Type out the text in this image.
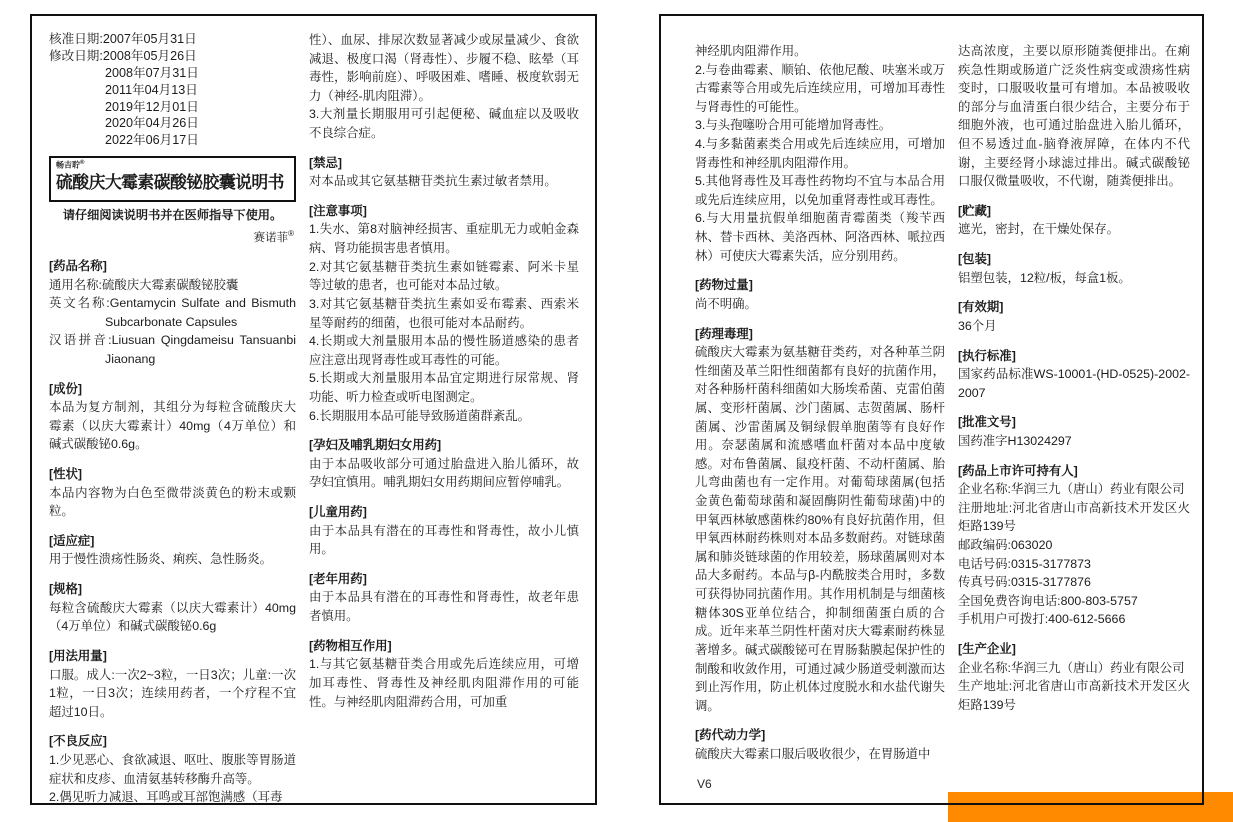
核准日期:2007年05月31日
修改日期:2008年05月26日
2008年07月31日
2011年04月13日
2019年12月01日
2020年04月26日
2022年06月17日
畅吉聍®
硫酸庆大霉素碳酸铋胶囊说明书
请仔细阅读说明书并在医师指导下使用。
赛诺菲®
[药品名称]

通用名称:硫酸庆大霉素碳酸铋胶囊

英文名称:Gentamycin Sulfate and Bismuth Subcarbonate Capsules

汉语拼音:Liusuan Qingdameisu Tansuanbi Jiaonang

[成份]

本品为复方制剂，其组分为每粒含硫酸庆大霉素（以庆大霉素计）40mg（4万单位）和碱式碳酸铋0.6g。

[性状]

本品内容物为白色至微带淡黄色的粉末或颗粒。

[适应症]

用于慢性溃疡性肠炎、痢疾、急性肠炎。

[规格]

每粒含硫酸庆大霉素（以庆大霉素计）40mg（4万单位）和碱式碳酸铋0.6g

[用法用量]

口服。成人:一次2~3粒，一日3次；儿童:一次1粒，一日3次；连续用药者，一个疗程不宜超过10日。

[不良反应]

1.少见恶心、食欲减退、呕吐、腹胀等胃肠道症状和皮疹、血清氨基转移酶升高等。

2.偶见听力减退、耳鸣或耳部饱满感（耳毒

性）、血尿、排尿次数显著减少或尿量减少、食欲减退、极度口渴（肾毒性）、步履不稳、眩晕（耳毒性，影响前庭）、呼吸困难、嗜睡、极度软弱无力（神经-肌肉阻滞）。

3.大剂量长期服用可引起便秘、碱血症以及吸收不良综合症。

[禁忌]

对本品或其它氨基糖苷类抗生素过敏者禁用。

[注意事项]

1.失水、第8对脑神经损害、重症肌无力或帕金森病、肾功能损害患者慎用。

2.对其它氨基糖苷类抗生素如链霉素、阿米卡星等过敏的患者，也可能对本品过敏。

3.对其它氨基糖苷类抗生素如妥布霉素、西索米星等耐药的细菌，也很可能对本品耐药。

4.长期或大剂量服用本品的慢性肠道感染的患者应注意出现肾毒性或耳毒性的可能。

5.长期或大剂量服用本品宜定期进行尿常规、肾功能、听力检查或听电图测定。

6.长期服用本品可能导致肠道菌群紊乱。

[孕妇及哺乳期妇女用药]

由于本品吸收部分可通过胎盘进入胎儿循环，故孕妇宜慎用。哺乳期妇女用药期间应暂停哺乳。

[儿童用药]

由于本品具有潜在的耳毒性和肾毒性，故小儿慎用。

[老年用药]

由于本品具有潜在的耳毒性和肾毒性，故老年患者慎用。

[药物相互作用]

1.与其它氨基糖苷类合用或先后连续应用，可增加耳毒性、肾毒性及神经肌肉阻滞作用的可能性。与神经肌肉阻滞药合用，可加重

神经肌肉阻滞作用。

2.与卷曲霉素、顺铂、依他尼酸、呋塞米或万古霉素等合用或先后连续应用，可增加耳毒性与肾毒性的可能性。

3.与头孢噻吩合用可能增加肾毒性。

4.与多黏菌素类合用或先后连续应用，可增加肾毒性和神经肌肉阻滞作用。

5.其他肾毒性及耳毒性药物均不宜与本品合用或先后连续应用，以免加重肾毒性或耳毒性。

6.与大用量抗假单细胞菌青霉菌类（羧苄西林、替卡西林、美洛西林、阿洛西林、哌拉西林）可使庆大霉素失活，应分别用药。

[药物过量]

尚不明确。

[药理毒理]

硫酸庆大霉素为氨基糖苷类药，对各种革兰阴性细菌及革兰阳性细菌都有良好的抗菌作用，对各种肠杆菌科细菌如大肠埃希菌、克雷伯菌属、变形杆菌属、沙门菌属、志贺菌属、肠杆菌属、沙雷菌属及铜绿假单胞菌等有良好作用。奈瑟菌属和流感嗜血杆菌对本品中度敏感。对布鲁菌属、鼠疫杆菌、不动杆菌属、胎儿弯曲菌也有一定作用。对葡萄球菌属(包括金黄色葡萄球菌和凝固酶阴性葡萄球菌)中的甲氧西林敏感菌株约80%有良好抗菌作用，但甲氧西林耐药株则对本品多数耐药。对链球菌属和肺炎链球菌的作用较差，肠球菌属则对本品大多耐药。本品与β-内酰胺类合用时，多数可获得协同抗菌作用。其作用机制是与细菌核糖体30S亚单位结合，抑制细菌蛋白质的合成。近年来革兰阴性杆菌对庆大霉素耐药株显著增多。碱式碳酸铋可在胃肠黏膜起保护性的制酸和收敛作用，可通过减少肠道受刺激而达到止泻作用，防止机体过度脱水和水盐代谢失调。

[药代动力学]

硫酸庆大霉素口服后吸收很少，在胃肠道中

达高浓度，主要以原形随粪便排出。在痢疾急性期或肠道广泛炎性病变或溃疡性病变时，口服吸收量可有增加。本品被吸收的部分与血清蛋白很少结合，主要分布于细胞外液，也可通过胎盘进入胎儿循环，但不易透过血-脑脊液屏障，在体内不代谢，主要经肾小球滤过排出。碱式碳酸铋口服仅微量吸收，不代谢，随粪便排出。

[贮藏]

遮光，密封，在干燥处保存。

[包装]

铝塑包装，12粒/板，每盒1板。

[有效期]

36个月

[执行标准]

国家药品标准WS-10001-(HD-0525)-2002-2007

[批准文号]

国药准字H13024297

[药品上市许可持有人]

企业名称:华润三九（唐山）药业有限公司

注册地址:河北省唐山市高新技术开发区火炬路139号

邮政编码:063020

电话号码:0315-3177873

传真号码:0315-3177876

全国免费咨询电话:800-803-5757

手机用户可拨打:400-612-5666

[生产企业]

企业名称:华润三九（唐山）药业有限公司

生产地址:河北省唐山市高新技术开发区火炬路139号

V6
